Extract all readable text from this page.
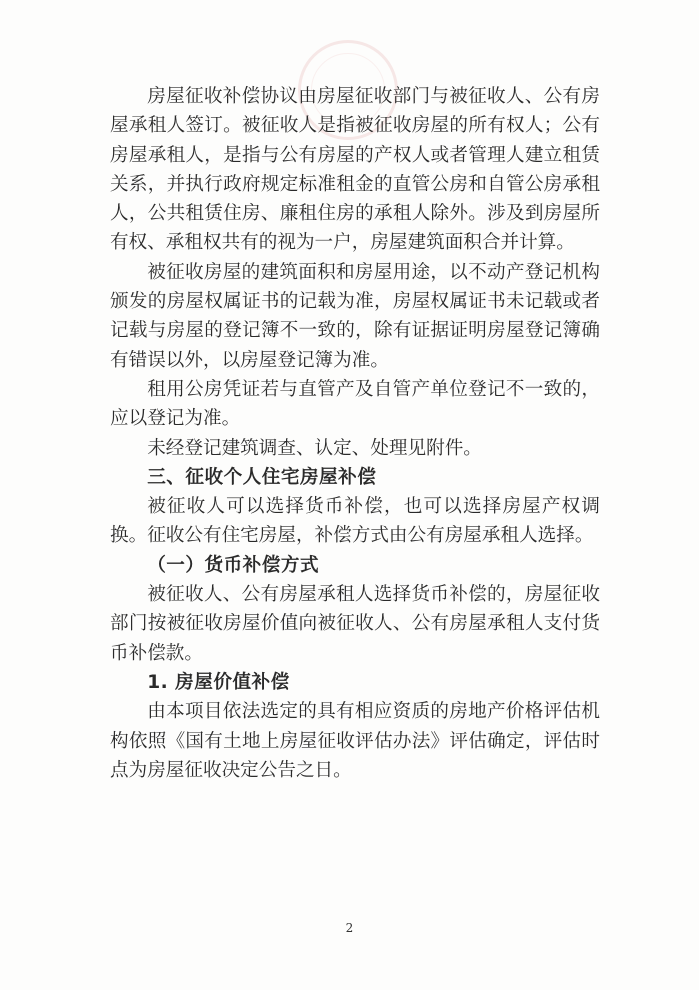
房屋征收补偿协议由房屋征收部门与被征收人、公有房屋承租人签订。被征收人是指被征收房屋的所有权人；公有房屋承租人，是指与公有房屋的产权人或者管理人建立租赁关系，并执行政府规定标准租金的直管公房和自管公房承租人，公共租赁住房、廉租住房的承租人除外。涉及到房屋所有权、承租权共有的视为一户，房屋建筑面积合并计算。

被征收房屋的建筑面积和房屋用途，以不动产登记机构颁发的房屋权属证书的记载为准，房屋权属证书未记载或者记载与房屋的登记簿不一致的，除有证据证明房屋登记簿确有错误以外，以房屋登记簿为准。

租用公房凭证若与直管产及自管产单位登记不一致的，应以登记为准。

未经登记建筑调查、认定、处理见附件。

三、征收个人住宅房屋补偿

被征收人可以选择货币补偿，也可以选择房屋产权调换。征收公有住宅房屋，补偿方式由公有房屋承租人选择。

（一）货币补偿方式

被征收人、公有房屋承租人选择货币补偿的，房屋征收部门按被征收房屋价值向被征收人、公有房屋承租人支付货币补偿款。

1. 房屋价值补偿

由本项目依法选定的具有相应资质的房地产价格评估机构依照《国有土地上房屋征收评估办法》评估确定，评估时点为房屋征收决定公告之日。

2
